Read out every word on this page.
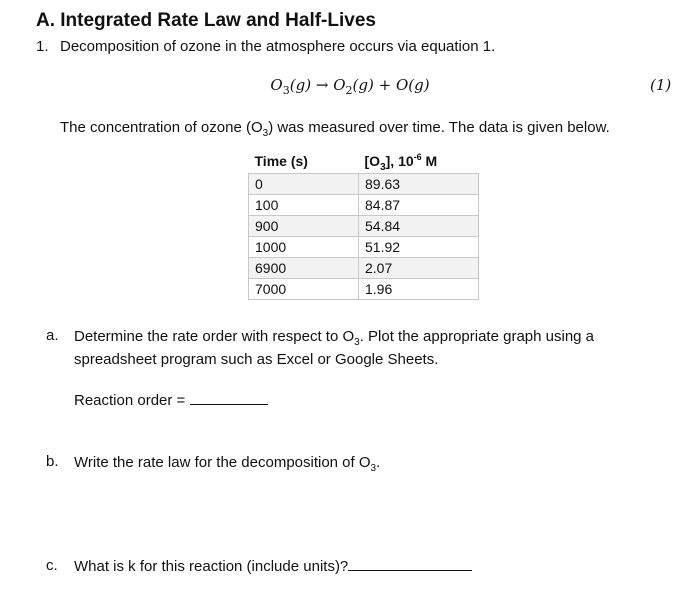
A. Integrated Rate Law and Half-Lives
1. Decomposition of ozone in the atmosphere occurs via equation 1.
$O_3(g) \to O_2(g) + O(g)$	(1)
The concentration of ozone $(O_3)$ was measured over time. The data is given below.
Time (s)	$[O_3]$, $10^{-6}$ M
0	89.63
100	84.87
900	54.84
1000	51.92
6900	2.07
7000	1.96
a. Determine the rate order with respect to $O_3$. Plot the appropriate graph using a
spreadsheet program such as Excel or Google Sheets.
Reaction order =
b. Write the rate law for the decomposition of $O_3$.
c. What is k for this reaction (include units)?
